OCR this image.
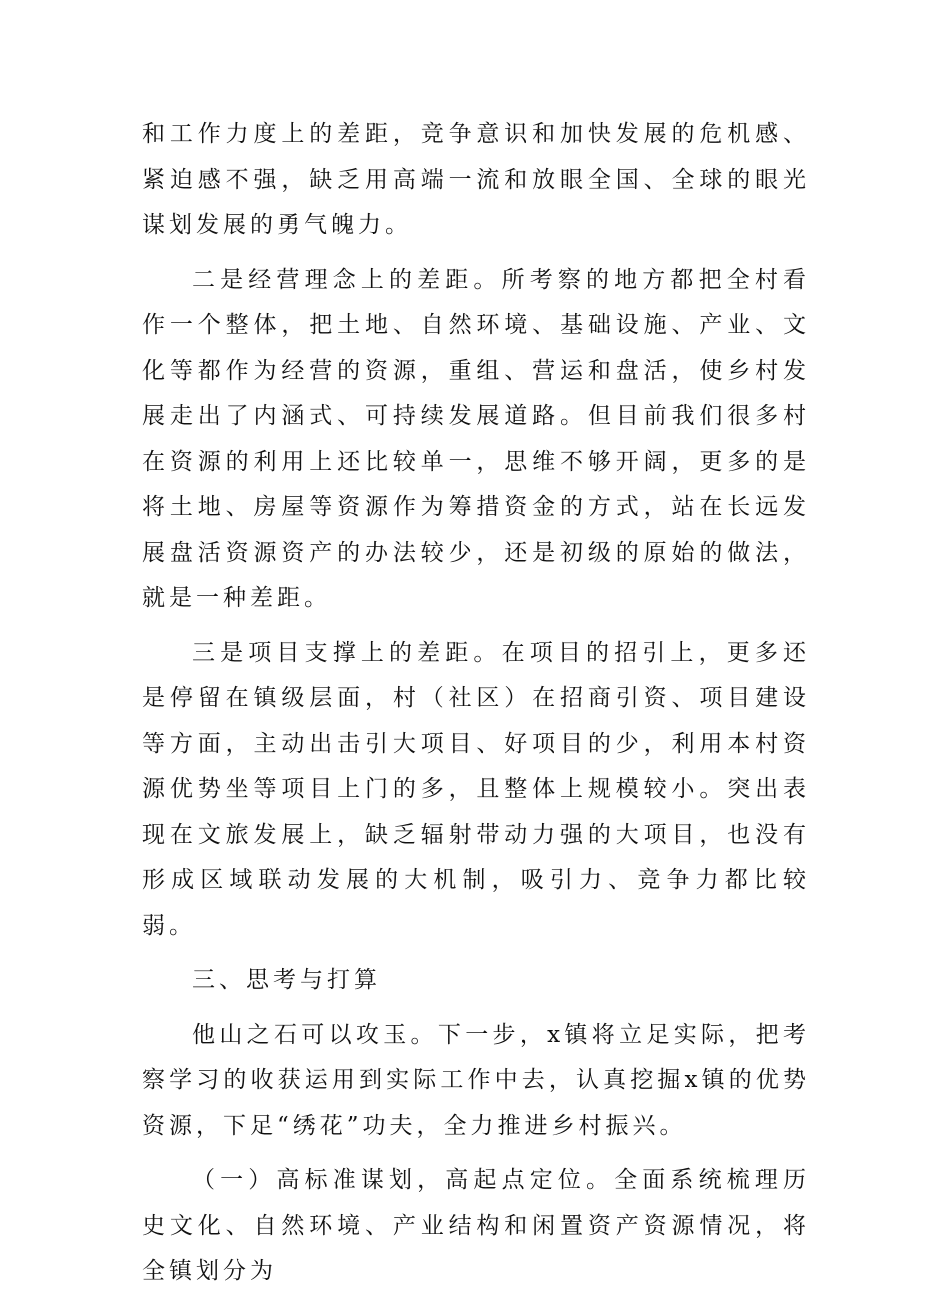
和工作力度上的差距，竞争意识和加快发展的危机感、紧迫感不强，缺乏用高端一流和放眼全国、全球的眼光谋划发展的勇气魄力。

二是经营理念上的差距。所考察的地方都把全村看作一个整体，把土地、自然环境、基础设施、产业、文化等都作为经营的资源，重组、营运和盘活，使乡村发展走出了内涵式、可持续发展道路。但目前我们很多村在资源的利用上还比较单一，思维不够开阔，更多的是将土地、房屋等资源作为筹措资金的方式，站在长远发展盘活资源资产的办法较少，还是初级的原始的做法，就是一种差距。

三是项目支撑上的差距。在项目的招引上，更多还是停留在镇级层面，村（社区）在招商引资、项目建设等方面，主动出击引大项目、好项目的少，利用本村资源优势坐等项目上门的多，且整体上规模较小。突出表现在文旅发展上，缺乏辐射带动力强的大项目，也没有形成区域联动发展的大机制，吸引力、竞争力都比较弱。

三、思考与打算

他山之石可以攻玉。下一步，x镇将立足实际，把考察学习的收获运用到实际工作中去，认真挖掘x镇的优势资源，下足“绣花”功夫，全力推进乡村振兴。

（一）高标准谋划，高起点定位。全面系统梳理历史文化、自然环境、产业结构和闲置资产资源情况，将全镇划分为
